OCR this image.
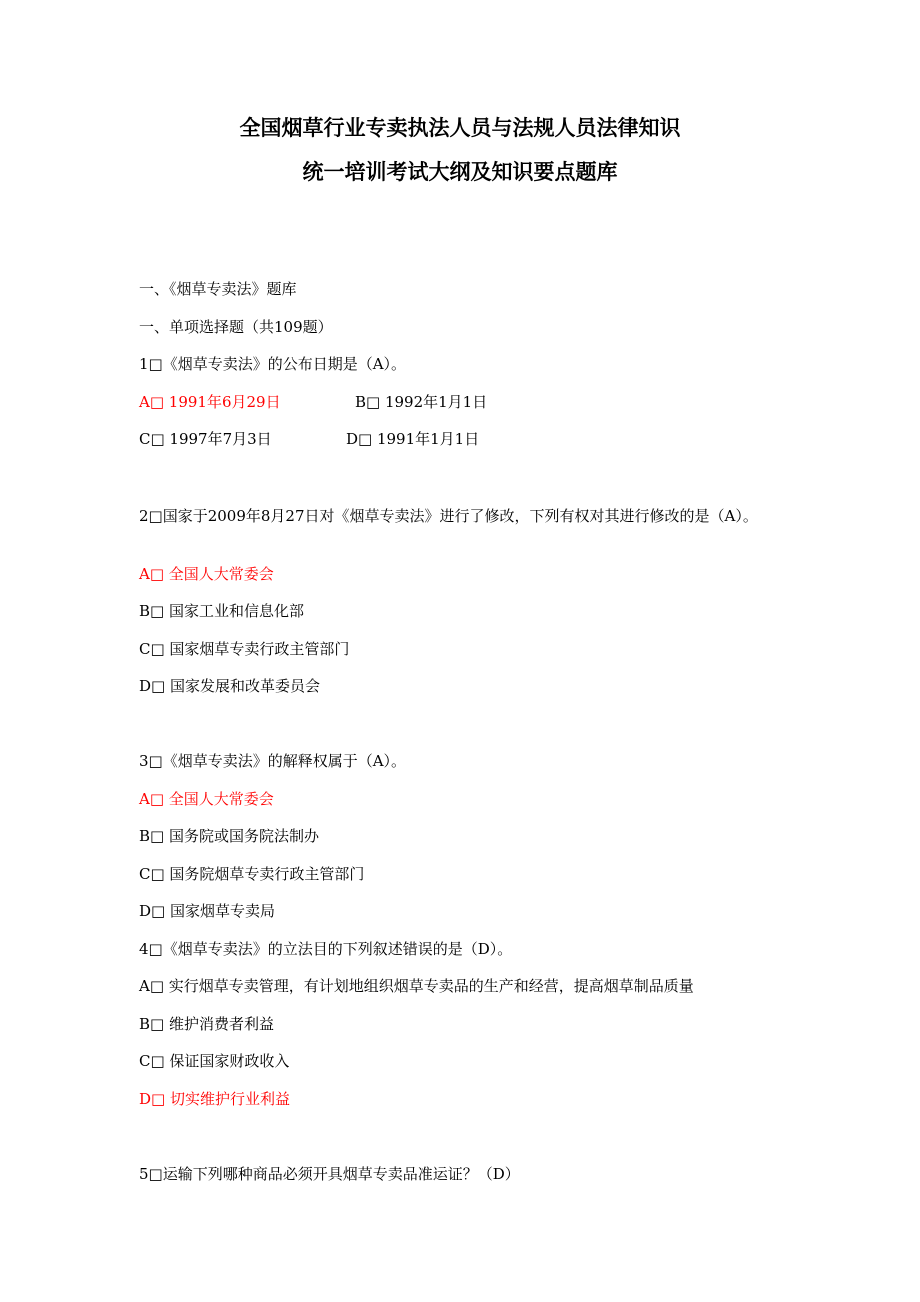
全国烟草行业专卖执法人员与法规人员法律知识
统一培训考试大纲及知识要点题库
一、《烟草专卖法》题库
一、单项选择题（共109题）
1□《烟草专卖法》的公布日期是（A）。
A□ 1991年6月29日	B□ 1992年1月1日
C□ 1997年7月3日	D□ 1991年1月1日
2□国家于2009年8月27日对《烟草专卖法》进行了修改，下列有权对其进行修改的是（A）。
A□ 全国人大常委会
B□ 国家工业和信息化部
C□ 国家烟草专卖行政主管部门
D□ 国家发展和改革委员会
3□《烟草专卖法》的解释权属于（A）。
A□ 全国人大常委会
B□ 国务院或国务院法制办
C□ 国务院烟草专卖行政主管部门
D□ 国家烟草专卖局
4□《烟草专卖法》的立法目的下列叙述错误的是（D）。
A□ 实行烟草专卖管理，有计划地组织烟草专卖品的生产和经营，提高烟草制品质量
B□ 维护消费者利益
C□ 保证国家财政收入
D□ 切实维护行业利益
5□运输下列哪种商品必须开具烟草专卖品准运证？（D）
